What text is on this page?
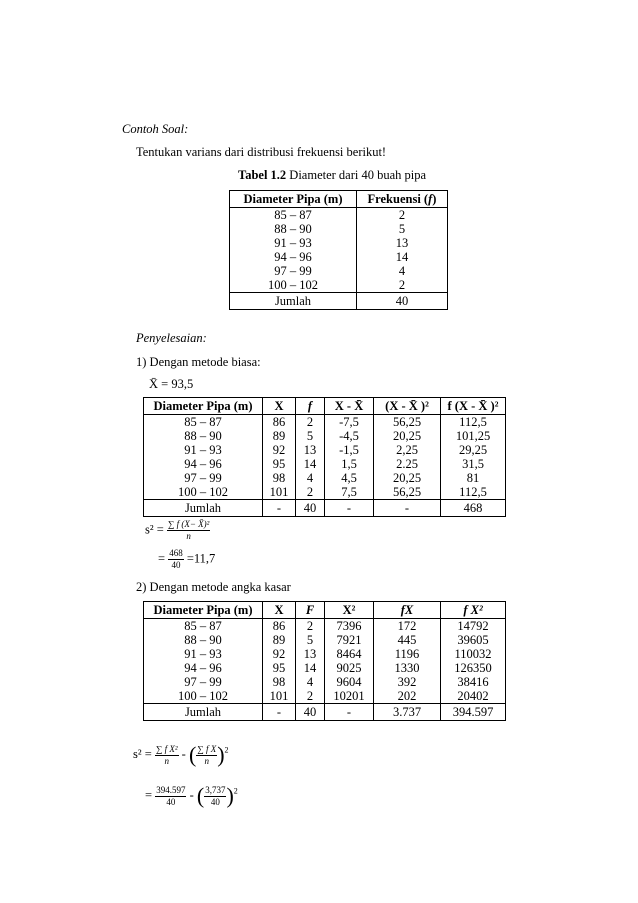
Contoh Soal:
Tentukan varians dari distribusi frekuensi berikut!
Tabel 1.2 Diameter dari 40 buah pipa
Diameter Pipa (m)	Frekuensi (f)
85 – 87	2
88 – 90	5
91 – 93	13
94 – 96	14
97 – 99	4
100 – 102	2
Jumlah	40
Penyelesaian:
1) Dengan metode biasa:
X̄ = 93,5
Diameter Pipa (m)	X	f	X - X̄	(X - X̄ )²	f (X - X̄ )²
85 – 87	86	2	-7,5	56,25	112,5
88 – 90	89	5	-4,5	20,25	101,25
91 – 93	92	13	-1,5	2,25	29,25
94 – 96	95	14	1,5	2.25	31,5
97 – 99	98	4	4,5	20,25	81
100 – 102	101	2	7,5	56,25	112,5
Jumlah	-	40	-	-	468
$s^2 = \frac{\text{∑ f (X− X̄)²}}{n}$
= $\frac{468}{40} =11,7$
2) Dengan metode angka kasar
Diameter Pipa (m)	X	F	X²	fX	f X²
85 – 87	86	2	7396	172	14792
88 – 90	89	5	7921	445	39605
91 – 93	92	13	8464	1196	110032
94 – 96	95	14	9025	1330	126350
97 – 99	98	4	9604	392	38416
100 – 102	101	2	10201	202	20402
Jumlah	-	40	-	3.737	394.597
$s^2 = \frac{\text{∑ f X²}}{n}$ - ( $\frac{\text{∑ f X}}{n} )^2$
= $\frac{394.597}{40}$ - ( $\frac{3,737}{40} )^2$
